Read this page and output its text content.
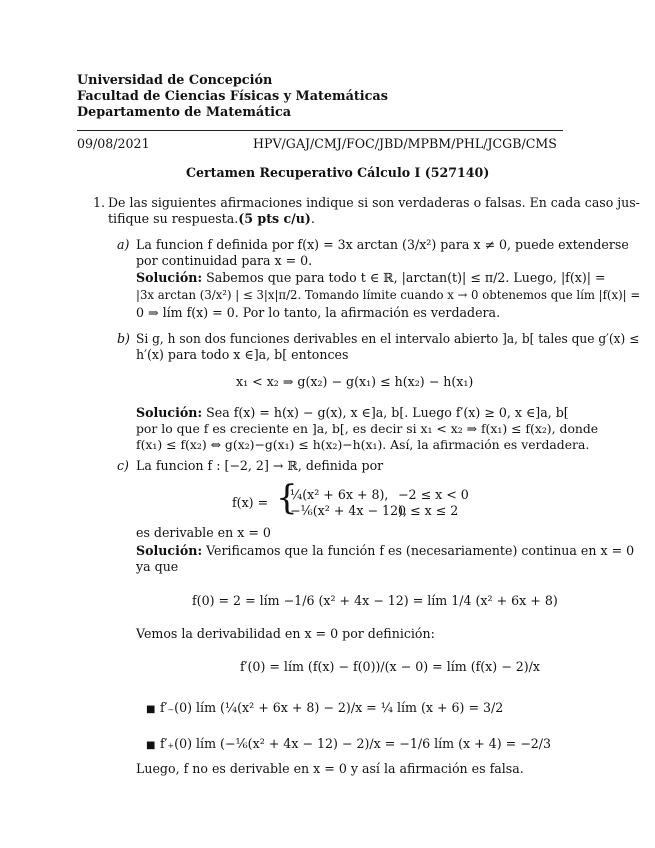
Universidad de Concepción
Facultad de Ciencias Físicas y Matemáticas
Departamento de Matemática
09/08/2021	HPV/GAJ/CMJ/FOC/JBD/MPBM/PHL/JCGB/CMS
Certamen Recuperativo Cálculo I (527140)
1. De las siguientes afirmaciones indique si son verdaderas o falsas. En cada caso jus-
tifique su respuesta.(5 pts c/u).
a) La funcion f definida por f(x) = 3x arctan (3/x²) para x ≠ 0, puede extenderse
por continuidad para x = 0.
Solución: Sabemos que para todo t ∈ ℝ, |arctan(t)| ≤ π/2. Luego, |f(x)| =
|3x arctan (3/x²) | ≤ 3|x|π/2. Tomando límite cuando x → 0 obtenemos que lím |f(x)| =
0 ⇒ lím f(x) = 0. Por lo tanto, la afirmación es verdadera.
b) Si g, h son dos funciones derivables en el intervalo abierto ]a, b[ tales que g′(x) ≤
h′(x) para todo x ∈]a, b[ entonces
x₁ < x₂ ⇒ g(x₂) − g(x₁) ≤ h(x₂) − h(x₁)
Solución: Sea f(x) = h(x) − g(x), x ∈]a, b[. Luego f′(x) ≥ 0, x ∈]a, b[
por lo que f es creciente en ]a, b[, es decir si x₁ < x₂ ⇒ f(x₁) ≤ f(x₂), donde
f(x₁) ≤ f(x₂) ⇔ g(x₂)−g(x₁) ≤ h(x₂)−h(x₁). Así, la afirmación es verdadera.
c) La funcion f : [−2, 2] → ℝ, definida por
f(x) = {
¼(x² + 6x + 8), −2 ≤ x < 0
−⅙(x² + 4x − 12),
0 ≤ x ≤ 2
es derivable en x = 0
Solución: Verificamos que la función f es (necesariamente) continua en x = 0
ya que
f(0) = 2 = lím −1/6 (x² + 4x − 12) = lím 1/4 (x² + 6x + 8)
Vemos la derivabilidad en x = 0 por definición:
f′(0) = lím (f(x) − f(0))/(x − 0) = lím (f(x) − 2)/x
■ f′₋(0) lím (¼(x² + 6x + 8) − 2)/x = ¼ lím (x + 6) = 3/2
■ f′₊(0) lím (−⅙(x² + 4x − 12) − 2)/x = −1/6 lím (x + 4) = −2/3
Luego, f no es derivable en x = 0 y así la afirmación es falsa.
